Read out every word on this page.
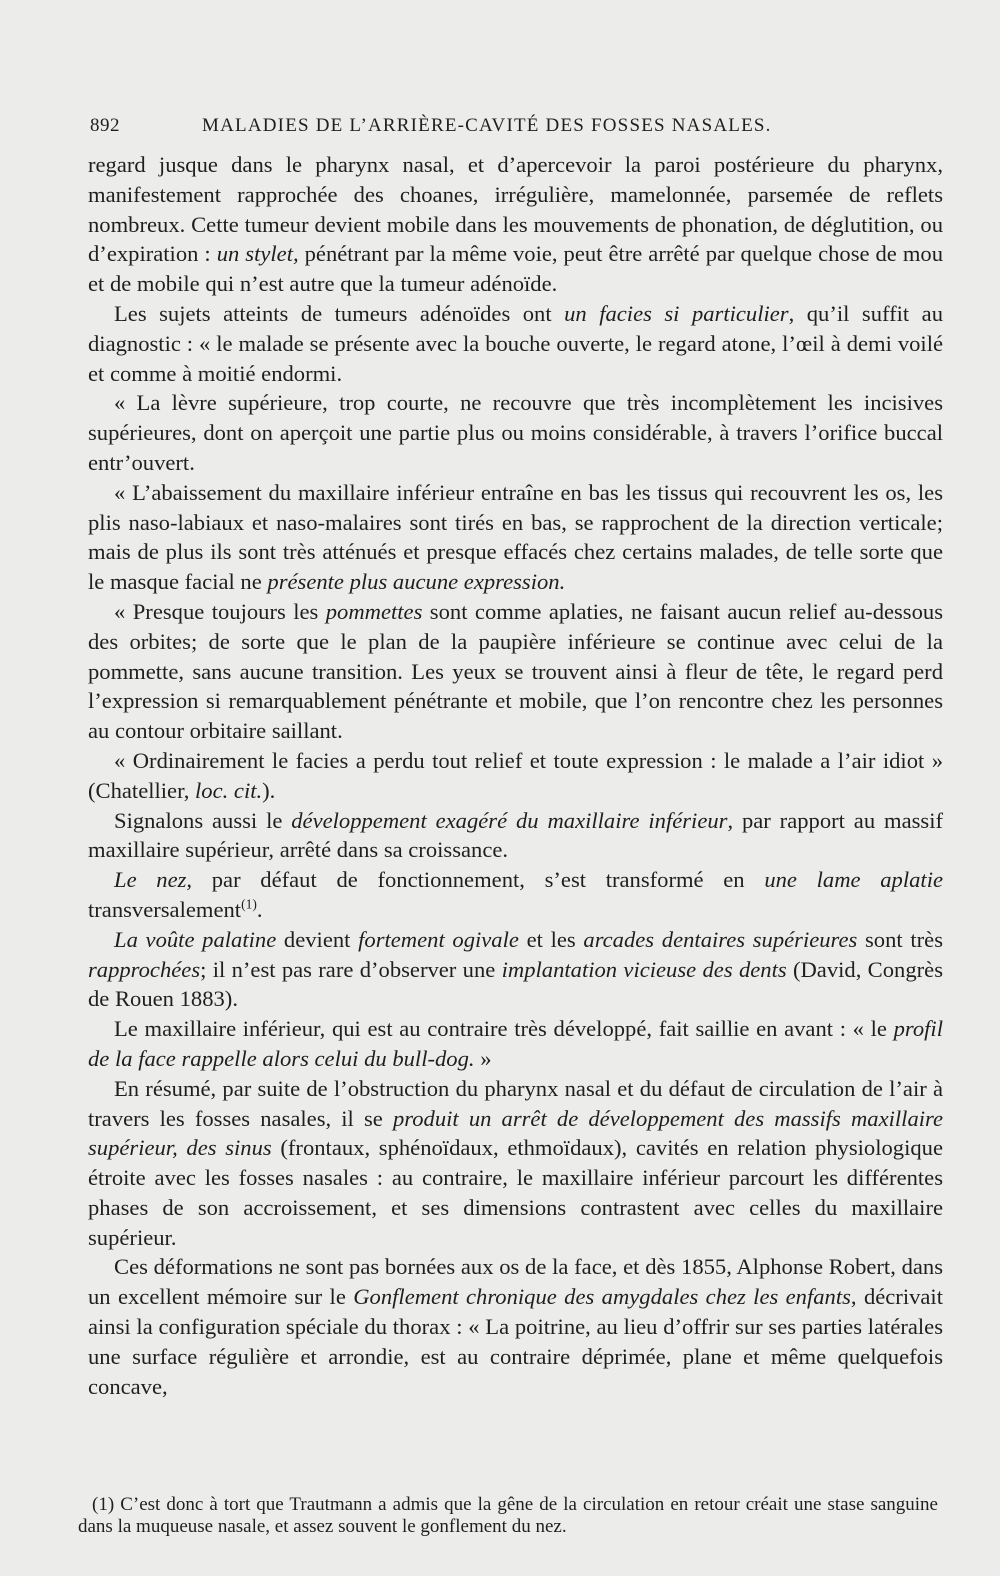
892	MALADIES DE L’ARRIÈRE-CAVITÉ DES FOSSES NASALES.

regard jusque dans le pharynx nasal, et d’apercevoir la paroi postérieure du pharynx, manifestement rapprochée des choanes, irrégulière, mamelonnée, parsemée de reflets nombreux. Cette tumeur devient mobile dans les mouvements de phonation, de déglutition, ou d’expiration : un stylet, pénétrant par la même voie, peut être arrêté par quelque chose de mou et de mobile qui n’est autre que la tumeur adénoïde.

Les sujets atteints de tumeurs adénoïdes ont un facies si particulier, qu’il suffit au diagnostic : « le malade se présente avec la bouche ouverte, le regard atone, l’œil à demi voilé et comme à moitié endormi.

« La lèvre supérieure, trop courte, ne recouvre que très incomplètement les incisives supérieures, dont on aperçoit une partie plus ou moins considérable, à travers l’orifice buccal entr’ouvert.

« L’abaissement du maxillaire inférieur entraîne en bas les tissus qui recouvrent les os, les plis naso-labiaux et naso-malaires sont tirés en bas, se rapprochent de la direction verticale; mais de plus ils sont très atténués et presque effacés chez certains malades, de telle sorte que le masque facial ne présente plus aucune expression.

« Presque toujours les pommettes sont comme aplaties, ne faisant aucun relief au-dessous des orbites; de sorte que le plan de la paupière inférieure se continue avec celui de la pommette, sans aucune transition. Les yeux se trouvent ainsi à fleur de tête, le regard perd l’expression si remarquablement pénétrante et mobile, que l’on rencontre chez les personnes au contour orbitaire saillant.

« Ordinairement le facies a perdu tout relief et toute expression : le malade a l’air idiot » (Chatellier, loc. cit.).

Signalons aussi le développement exagéré du maxillaire inférieur, par rapport au massif maxillaire supérieur, arrêté dans sa croissance.

Le nez, par défaut de fonctionnement, s’est transformé en une lame aplatie transversalement$^{(1)}$.

La voûte palatine devient fortement ogivale et les arcades dentaires supérieures sont très rapprochées; il n’est pas rare d’observer une implantation vicieuse des dents (David, Congrès de Rouen 1883).

Le maxillaire inférieur, qui est au contraire très développé, fait saillie en avant : « le profil de la face rappelle alors celui du bull-dog. »

En résumé, par suite de l’obstruction du pharynx nasal et du défaut de circulation de l’air à travers les fosses nasales, il se produit un arrêt de développement des massifs maxillaire supérieur, des sinus (frontaux, sphénoïdaux, ethmoïdaux), cavités en relation physiologique étroite avec les fosses nasales : au contraire, le maxillaire inférieur parcourt les différentes phases de son accroissement, et ses dimensions contrastent avec celles du maxillaire supérieur.

Ces déformations ne sont pas bornées aux os de la face, et dès 1855, Alphonse Robert, dans un excellent mémoire sur le Gonflement chronique des amygdales chez les enfants, décrivait ainsi la configuration spéciale du thorax : « La poitrine, au lieu d’offrir sur ses parties latérales une surface régulière et arrondie, est au contraire déprimée, plane et même quelquefois concave,

(1) C’est donc à tort que Trautmann a admis que la gêne de la circulation en retour créait une stase sanguine dans la muqueuse nasale, et assez souvent le gonflement du nez.
